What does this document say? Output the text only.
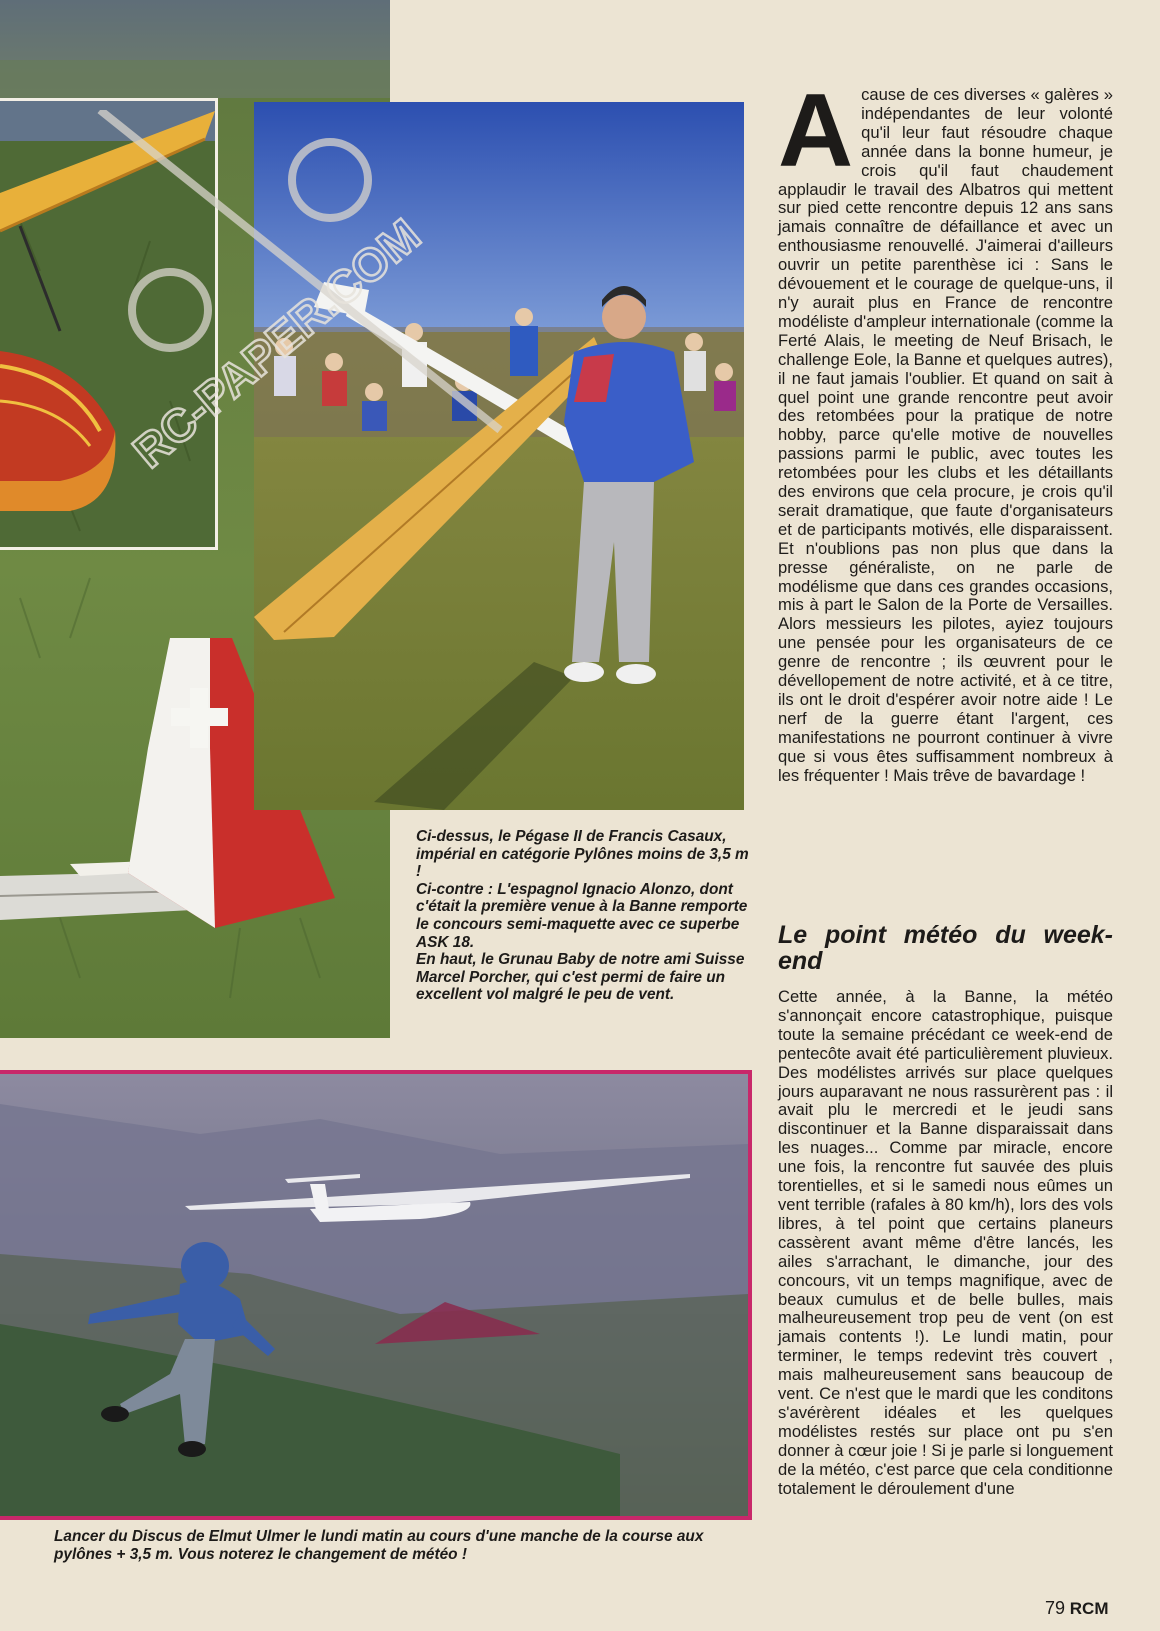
RC-PAPER.COM
A cause de ces diverses « galères » indépendantes de leur volonté qu'il leur faut résoudre chaque année dans la bonne humeur, je crois qu'il faut chaudement applaudir le travail des Albatros qui mettent sur pied cette rencontre depuis 12 ans sans jamais connaître de défaillance et avec un enthousiasme renouvellé. J'aimerai d'ailleurs ouvrir un petite parenthèse ici : Sans le dévouement et le courage de quelque-uns, il n'y aurait plus en France de rencontre modéliste d'ampleur internationale (comme la Ferté Alais, le meeting de Neuf Brisach, le challenge Eole, la Banne et quelques autres), il ne faut jamais l'oublier. Et quand on sait à quel point une grande rencontre peut avoir des retombées pour la pratique de notre hobby, parce qu'elle motive de nouvelles passions parmi le public, avec toutes les retombées pour les clubs et les détaillants des environs que cela procure, je crois qu'il serait dramatique, que faute d'organisateurs et de participants motivés, elle disparaissent. Et n'oublions pas non plus que dans la presse généraliste, on ne parle de modélisme que dans ces grandes occasions, mis à part le Salon de la Porte de Versailles. Alors messieurs les pilotes, ayiez toujours une pensée pour les organisateurs de ce genre de rencontre ; ils œuvrent pour le dévellopement de notre activité, et à ce titre, ils ont le droit d'espérer avoir notre aide ! Le nerf de la guerre étant l'argent, ces manifestations ne pourront continuer à vivre que si vous êtes suffisamment nombreux à les fréquenter ! Mais trêve de bavardage !
Le point météo du week-end
Cette année, à la Banne, la météo s'annonçait encore catastrophique, puisque toute la semaine précédant ce week-end de pentecôte avait été particulièrement pluvieux. Des modélistes arrivés sur place quelques jours auparavant ne nous rassurèrent pas : il avait plu le mercredi et le jeudi sans discontinuer et la Banne disparaissait dans les nuages... Comme par miracle, encore une fois, la rencontre fut sauvée des pluis torentielles, et si le samedi nous eûmes un vent terrible (rafales à 80 km/h), lors des vols libres, à tel point que certains planeurs cassèrent avant même d'être lancés, les ailes s'arrachant, le dimanche, jour des concours, vit un temps magnifique, avec de beaux cumulus et de belle bulles, mais malheureusement trop peu de vent (on est jamais contents !). Le lundi matin, pour terminer, le temps redevint très couvert , mais malheureusement sans beaucoup de vent. Ce n'est que le mardi que les conditons s'avérèrent idéales et les quelques modélistes restés sur place ont pu s'en donner à cœur joie ! Si je parle si longuement de la météo, c'est parce que cela conditionne totalement le déroulement d'une

Ci-dessus, le Pégase II de Francis Casaux, impérial en catégorie Pylônes moins de 3,5 m !

Ci-contre : L'espagnol Ignacio Alonzo, dont c'était la première venue à la Banne remporte le concours semi-maquette avec ce superbe ASK 18.

En haut, le Grunau Baby de notre ami Suisse Marcel Porcher, qui c'est permi de faire un excellent vol malgré le peu de vent.

Lancer du Discus de Elmut Ulmer le lundi matin au cours d'une manche de la course aux pylônes + 3,5 m. Vous noterez le changement de météo !
79 RCM
